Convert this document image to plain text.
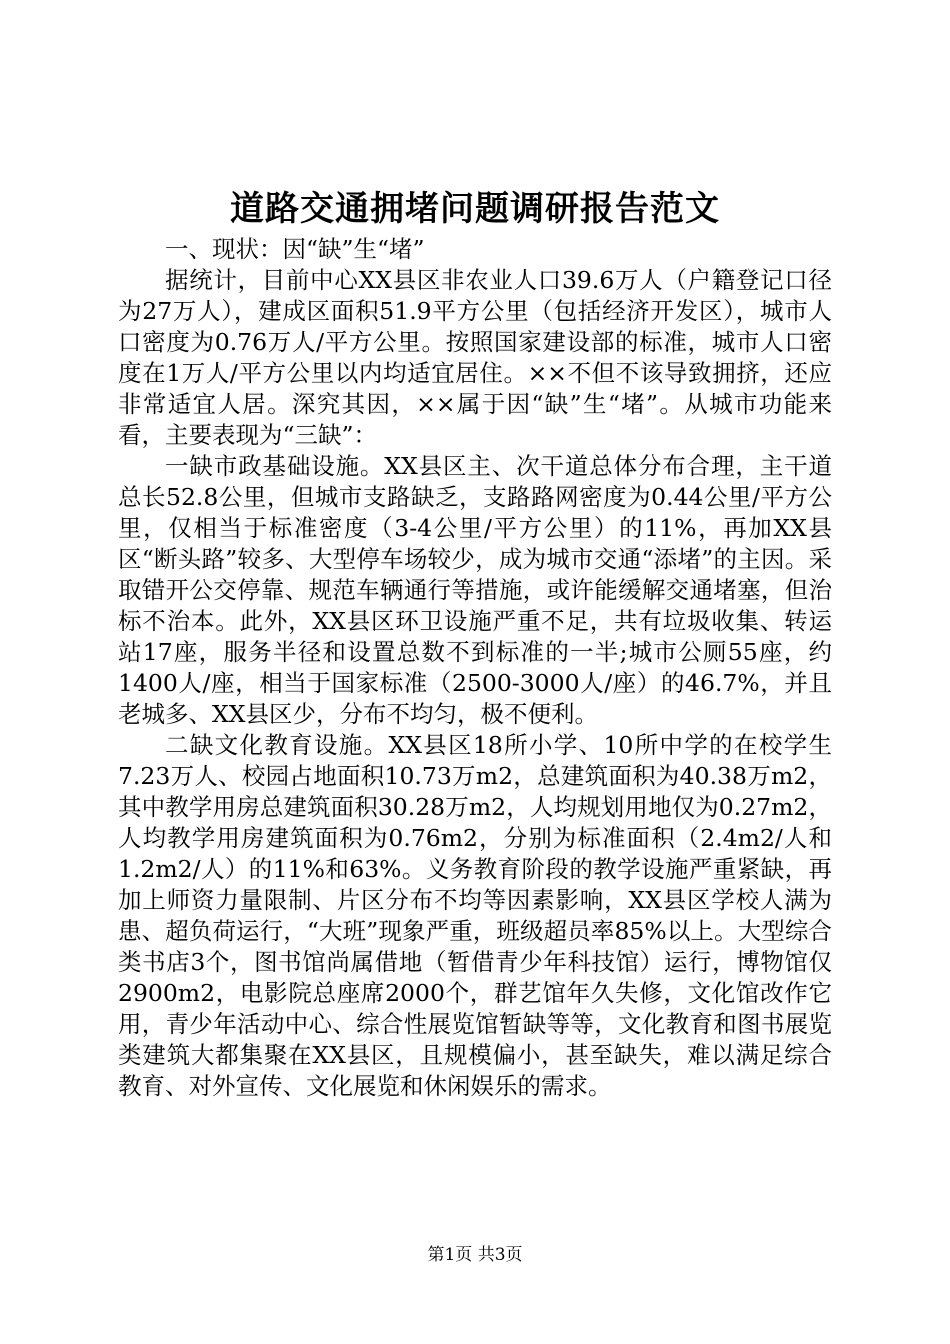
道路交通拥堵问题调研报告范文

一、现状：因“缺”生“堵”

据统计，目前中心XX县区非农业人口39.6万人（户籍登记口径为27万人），建成区面积51.9平方公里（包括经济开发区），城市人口密度为0.76万人/平方公里。按照国家建设部的标准，城市人口密度在1万人/平方公里以内均适宜居住。××不但不该导致拥挤，还应非常适宜人居。深究其因，××属于因“缺”生“堵”。从城市功能来看，主要表现为“三缺”：

一缺市政基础设施。XX县区主、次干道总体分布合理，主干道总长52.8公里，但城市支路缺乏，支路路网密度为0.44公里/平方公里，仅相当于标准密度（3-4公里/平方公里）的11%，再加XX县区“断头路”较多、大型停车场较少，成为城市交通“添堵”的主因。采取错开公交停靠、规范车辆通行等措施，或许能缓解交通堵塞，但治标不治本。此外，XX县区环卫设施严重不足，共有垃圾收集、转运站17座，服务半径和设置总数不到标准的一半;城市公厕55座，约1400人/座，相当于国家标准（2500-3000人/座）的46.7%，并且老城多、XX县区少，分布不均匀，极不便利。

二缺文化教育设施。XX县区18所小学、10所中学的在校学生7.23万人、校园占地面积10.73万m2，总建筑面积为40.38万m2，其中教学用房总建筑面积30.28万m2，人均规划用地仅为0.27m2，人均教学用房建筑面积为0.76m2，分别为标准面积（2.4m2/人和1.2m2/人）的11%和63%。义务教育阶段的教学设施严重紧缺，再加上师资力量限制、片区分布不均等因素影响，XX县区学校人满为患、超负荷运行，“大班”现象严重，班级超员率85%以上。大型综合类书店3个，图书馆尚属借地（暂借青少年科技馆）运行，博物馆仅2900m2，电影院总座席2000个，群艺馆年久失修，文化馆改作它用，青少年活动中心、综合性展览馆暂缺等等，文化教育和图书展览类建筑大都集聚在XX县区，且规模偏小，甚至缺失，难以满足综合教育、对外宣传、文化展览和休闲娱乐的需求。

第1页 共3页
